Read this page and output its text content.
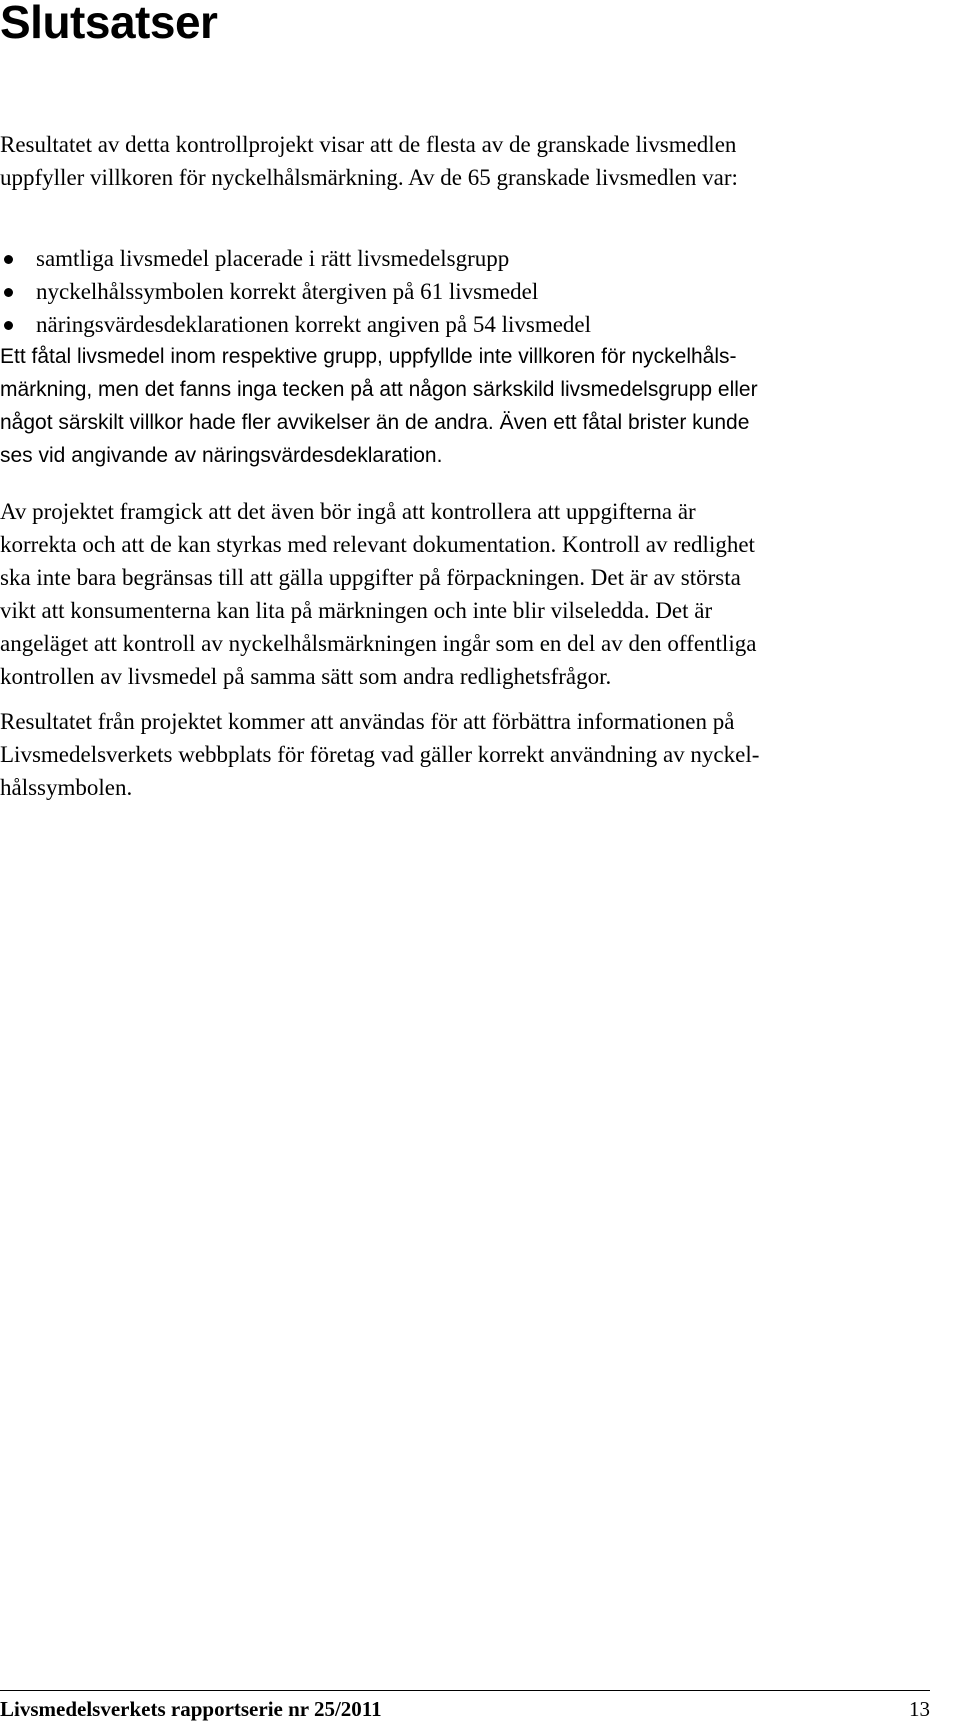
Slutsatser

Resultatet av detta kontrollprojekt visar att de flesta av de granskade livsmedlen
uppfyller villkoren för nyckelhålsmärkning. Av de 65 granskade livsmedlen var:

samtliga livsmedel placerade i rätt livsmedelsgrupp
nyckelhålssymbolen korrekt återgiven på 61 livsmedel
näringsvärdesdeklarationen korrekt angiven på 54 livsmedel

Ett fåtal livsmedel inom respektive grupp, uppfyllde inte villkoren för nyckelhåls-
märkning, men det fanns inga tecken på att någon särkskild livsmedelsgrupp eller
något särskilt villkor hade fler avvikelser än de andra. Även ett fåtal brister kunde
ses vid angivande av näringsvärdesdeklaration.

Av projektet framgick att det även bör ingå att kontrollera att uppgifterna är
korrekta och att de kan styrkas med relevant dokumentation. Kontroll av redlighet
ska inte bara begränsas till att gälla uppgifter på förpackningen. Det är av största
vikt att konsumenterna kan lita på märkningen och inte blir vilseledda. Det är
angeläget att kontroll av nyckelhålsmärkningen ingår som en del av den offentliga
kontrollen av livsmedel på samma sätt som andra redlighetsfrågor.

Resultatet från projektet kommer att användas för att förbättra informationen på
Livsmedelsverkets webbplats för företag vad gäller korrekt användning av nyckel-
hålssymbolen.

Livsmedelsverkets rapportserie nr 25/2011	13
